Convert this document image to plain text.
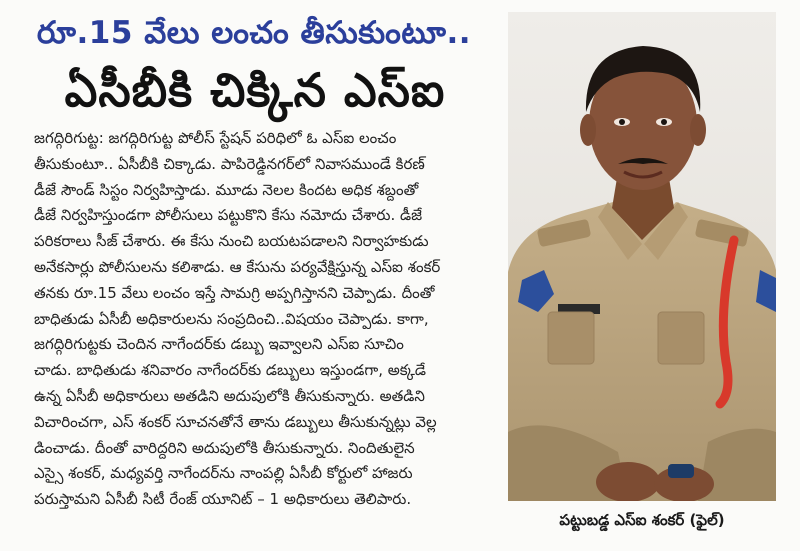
రూ.15 వేలు లంచం తీసుకుంటూ..
ఏసీబీకి చిక్కిన ఎస్ఐ
జగద్గిరిగుట్ట: జగద్గిరిగుట్ట పోలీస్ స్టేషన్ పరిధిలో ఓ ఎస్ఐ లంచం
తీసుకుంటూ.. ఏసీబీకి చిక్కాడు. పాపిరెడ్డినగర్‌లో నివాసముండే కిరణ్
డీజే సౌండ్ సిస్టం నిర్వహిస్తాడు. మూడు నెలల కిందట అధిక శబ్దంతో
డీజే నిర్వహిస్తుండగా పోలీసులు పట్టుకొని కేసు నమోదు చేశారు. డీజే
పరికరాలు సీజ్ చేశారు. ఈ కేసు నుంచి బయటపడాలని నిర్వాహకుడు
అనేకసార్లు పోలీసులను కలిశాడు. ఆ కేసును పర్యవేక్షిస్తున్న ఎస్ఐ శంకర్
తనకు రూ.15 వేలు లంచం ఇస్తే సామగ్రి అప్పగిస్తానని చెప్పాడు. దీంతో
బాధితుడు ఏసీబీ అధికారులను సంప్రదించి..విషయం చెప్పాడు. కాగా,
జగద్గిరిగుట్టకు చెందిన నాగేందర్‌కు డబ్బు ఇవ్వాలని ఎస్ఐ సూచిం
చాడు. బాధితుడు శనివారం నాగేందర్‌కు డబ్బులు ఇస్తుండగా, అక్కడే
ఉన్న ఏసీబీ అధికారులు అతడిని అదుపులోకి తీసుకున్నారు. అతడిని
విచారించగా, ఎస్ శంకర్ సూచనతోనే తాను డబ్బులు తీసుకున్నట్లు వెల్ల
డించాడు. దీంతో వారిద్దరిని అదుపులోకి తీసుకున్నారు. నిందితులైన
ఎస్సై శంకర్, మధ్యవర్తి నాగేందర్‌ను నాంపల్లి ఏసీబీ కోర్టులో హాజరు
పరుస్తామని ఏసీబీ సిటీ రేంజ్ యూనిట్ – 1 అధికారులు తెలిపారు.
పట్టుబడ్డ ఎస్ఐ శంకర్ (ఫైల్)
